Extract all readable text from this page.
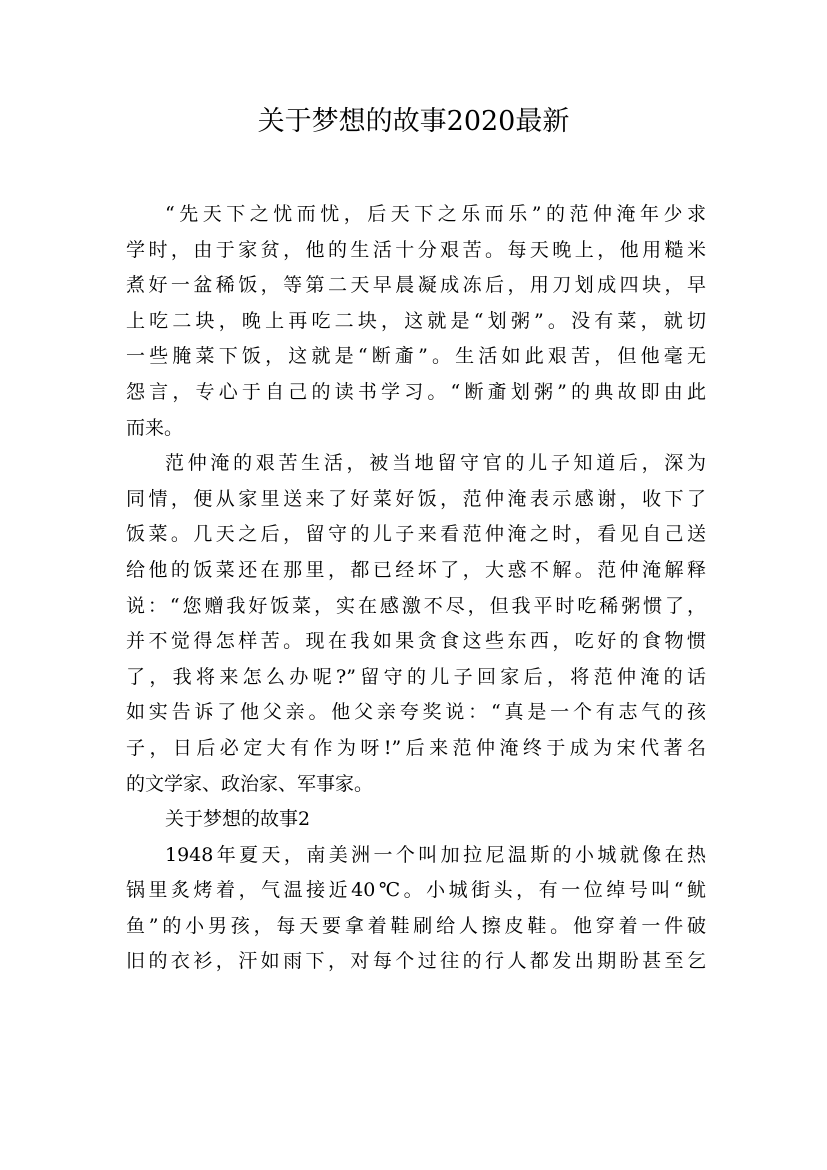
关于梦想的故事2020最新
“先天下之忧而忧，后天下之乐而乐”的范仲淹年少求
学时，由于家贫，他的生活十分艰苦。每天晚上，他用糙米
煮好一盆稀饭，等第二天早晨凝成冻后，用刀划成四块，早
上吃二块，晚上再吃二块，这就是“划粥”。没有菜，就切
一些腌菜下饭，这就是“断齑”。生活如此艰苦，但他毫无
怨言，专心于自己的读书学习。“断齑划粥”的典故即由此
而来。
范仲淹的艰苦生活，被当地留守官的儿子知道后，深为
同情，便从家里送来了好菜好饭，范仲淹表示感谢，收下了
饭菜。几天之后，留守的儿子来看范仲淹之时，看见自己送
给他的饭菜还在那里，都已经坏了，大惑不解。范仲淹解释
说：“您赠我好饭菜，实在感激不尽，但我平时吃稀粥惯了，
并不觉得怎样苦。现在我如果贪食这些东西，吃好的食物惯
了，我将来怎么办呢?”留守的儿子回家后，将范仲淹的话
如实告诉了他父亲。他父亲夸奖说：“真是一个有志气的孩
子，日后必定大有作为呀!”后来范仲淹终于成为宋代著名
的文学家、政治家、军事家。
关于梦想的故事2
1948年夏天，南美洲一个叫加拉尼温斯的小城就像在热
锅里炙烤着，气温接近40℃。小城街头，有一位绰号叫“鱿
鱼”的小男孩，每天要拿着鞋刷给人擦皮鞋。他穿着一件破
旧的衣衫，汗如雨下，对每个过往的行人都发出期盼甚至乞
